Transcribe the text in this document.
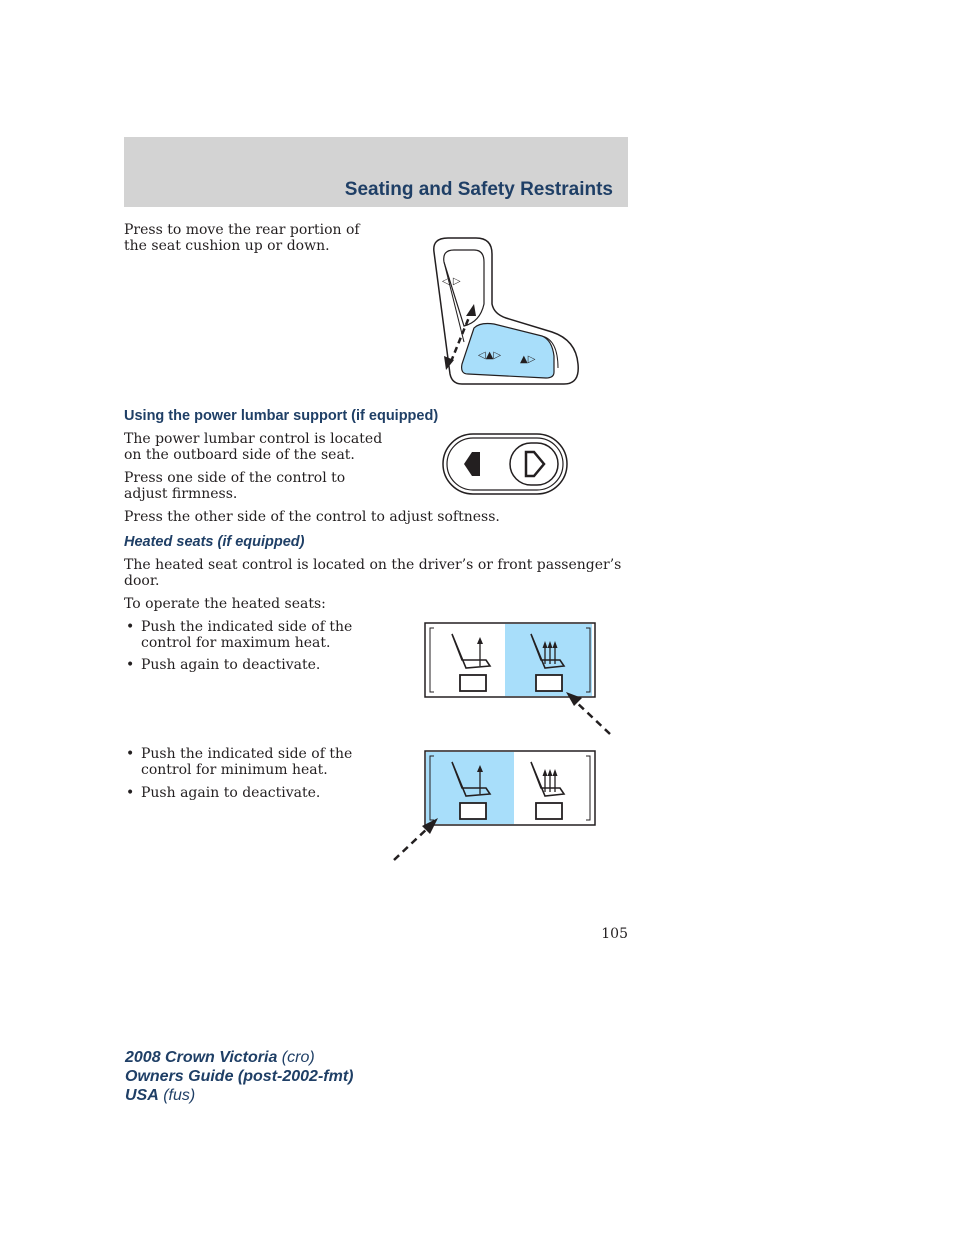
Seating and Safety Restraints

Press to move the rear portion of
the seat cushion up or down.

◁ ▷
◁▲▷ ▲▷
Using the power lumbar support (if equipped)

The power lumbar control is located
on the outboard side of the seat.

Press one side of the control to
adjust firmness.

Press the other side of the control to adjust softness.

Heated seats (if equipped)

The heated seat control is located on the driver’s or front passenger’s
door.

To operate the heated seats:

• Push the indicated side of the
control for maximum heat.
• Push again to deactivate.
• Push the indicated side of the
control for minimum heat.
• Push again to deactivate.
105
2008 Crown Victoria (cro)
Owners Guide (post-2002-fmt)
USA (fus)
